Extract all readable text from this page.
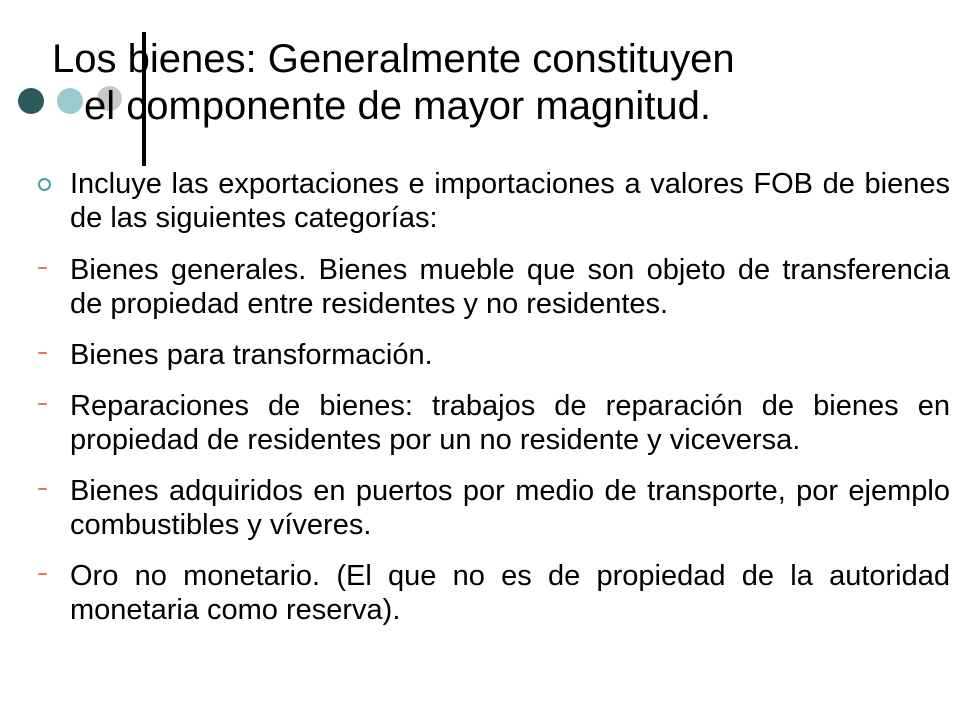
Los bienes: Generalmente constituyen
el componente de mayor magnitud.
Incluye las exportaciones e importaciones a valores FOB de bienes de las siguientes categorías:
Bienes generales. Bienes mueble que son objeto de transferencia de propiedad entre residentes y no residentes.
Bienes para transformación.
Reparaciones de bienes: trabajos de reparación de bienes en propiedad de residentes por un no residente y viceversa.
Bienes adquiridos en puertos por medio de transporte, por ejemplo combustibles y víveres.
Oro no monetario. (El que no es de propiedad de la autoridad monetaria como reserva).
